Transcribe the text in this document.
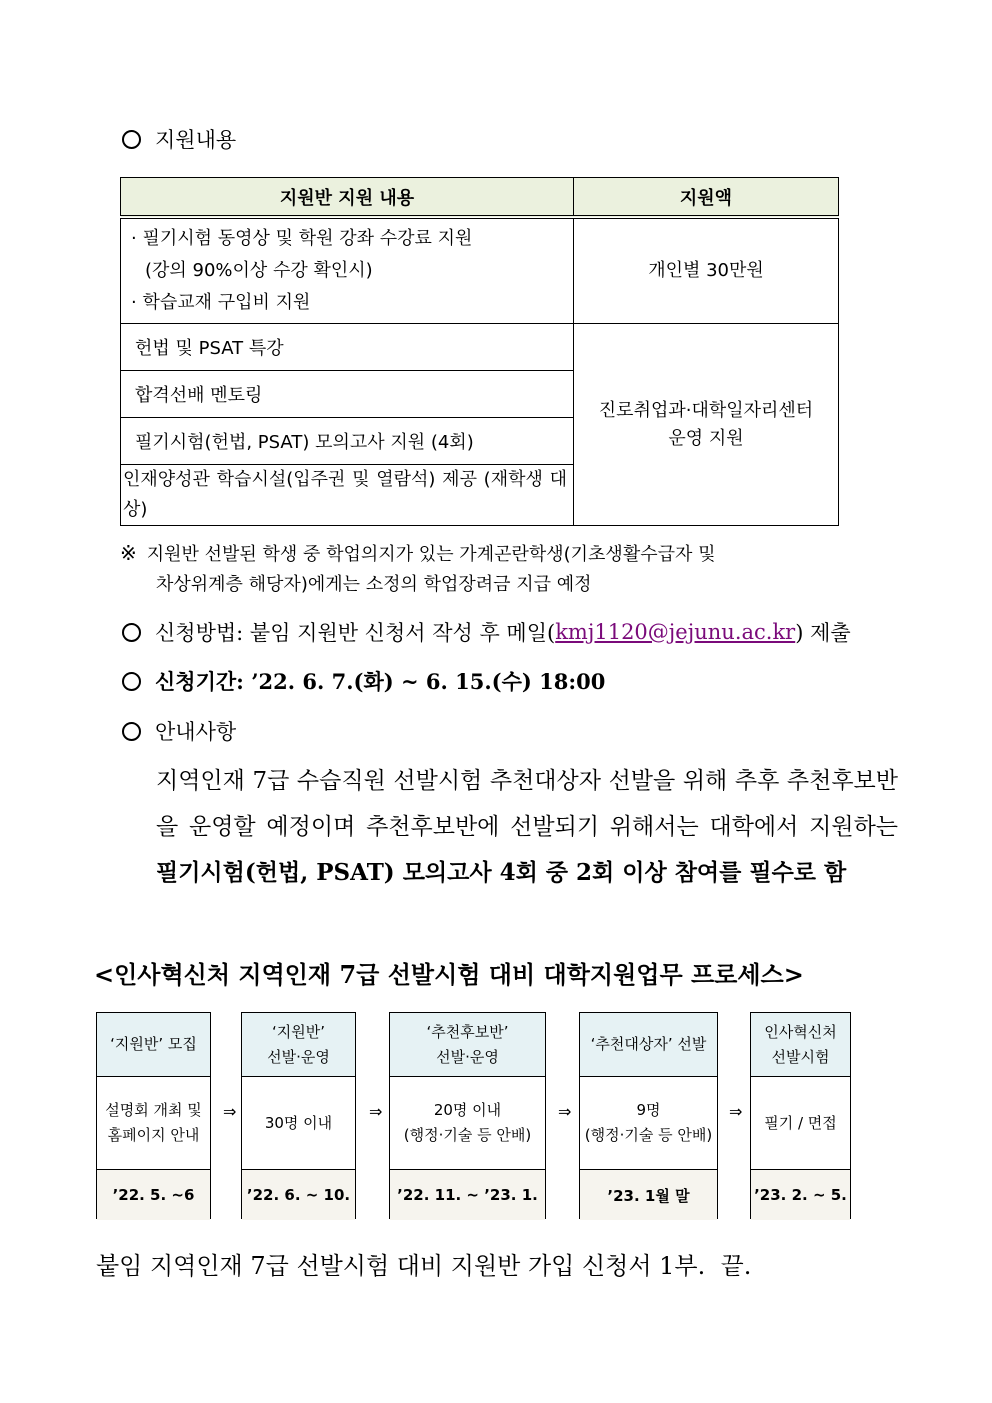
지원내용
지원반 지원 내용	지원액

· 필기시험 동영상 및 학원 강좌 수강료 지원
(강의 90%이상 수강 확인시)
· 학습교재 구입비 지원	개인별 30만원
헌법 및 PSAT 특강	진로취업과·대학일자리센터
운영 지원

합격선배 멘토링	
필기시험(헌법, PSAT) 모의고사 지원 (4회)	
인재양성관 학습시설(입주권 및 열람석) 제공 (재학생 대상)	
※ 지원반 선발된 학생 중 학업의지가 있는 가계곤란학생(기초생활수급자 및
차상위계층 해당자)에게는 소정의 학업장려금 지급 예정
신청방법 : 붙임 지원반 신청서 작성 후 메일( kmj1120@jejunu.ac.kr ) 제출
신청기간 : ’22. 6. 7.(화) ~ 6. 15.(수) 18:00
안내사항
지역인재 7급 수습직원 선발시험 추천대상자 선발을 위해 추후 추천후보반을 운영할 예정이며 추천후보반에 선발되기 위해서는 대학에서 지원하는 필기시험(헌법, PSAT) 모의고사 4회 중 2회 이상 참여를 필수로 함
<인사혁신처 지역인재 7급 선발시험 대비 대학지원업무 프로세스>
‘지원반’ 모집
설명회 개최 및
홈페이지 안내
’22. 5. ~6
⇒
‘지원반’
선발·운영
30명 이내
’22. 6. ~ 10.
⇒
‘추천후보반’
선발·운영
20명 이내
(행정·기술 등 안배)
’22. 11. ~ ’23. 1.
⇒
‘추천대상자’ 선발
9명
(행정·기술 등 안배)
’23. 1월 말
⇒
인사혁신처
선발시험
필기 / 면접
’23. 2. ~ 5.
붙임 지역인재 7급 선발시험 대비 지원반 가입 신청서 1부.  끝.
